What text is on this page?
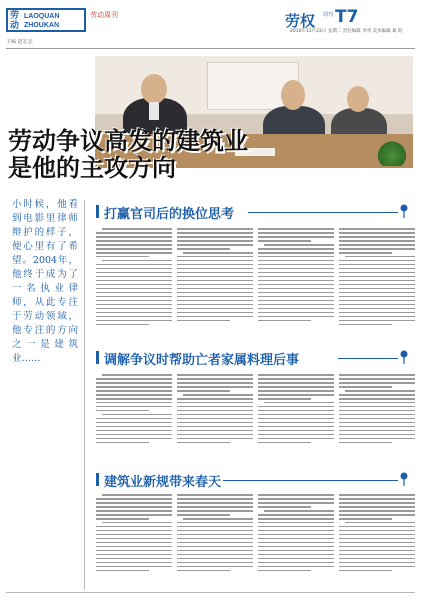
劳动
LAOQUAN
ZHOUKAN
劳动周刊
主编 赵宏志
劳权 周刊 T7
2016年11月22日 星期二 责任编辑 李华 美术编辑 葛 昀
劳动争议高发的建筑业
是他的主攻方向

小时候，他看到电影里律师辩护的样子，便心里有了希望。2004年，他终于成为了一名执业律师，从此专注于劳动领域，他专注的方向之一是建筑业……

打赢官司后的换位思考
调解争议时帮助亡者家属料理后事
建筑业新规带来春天
